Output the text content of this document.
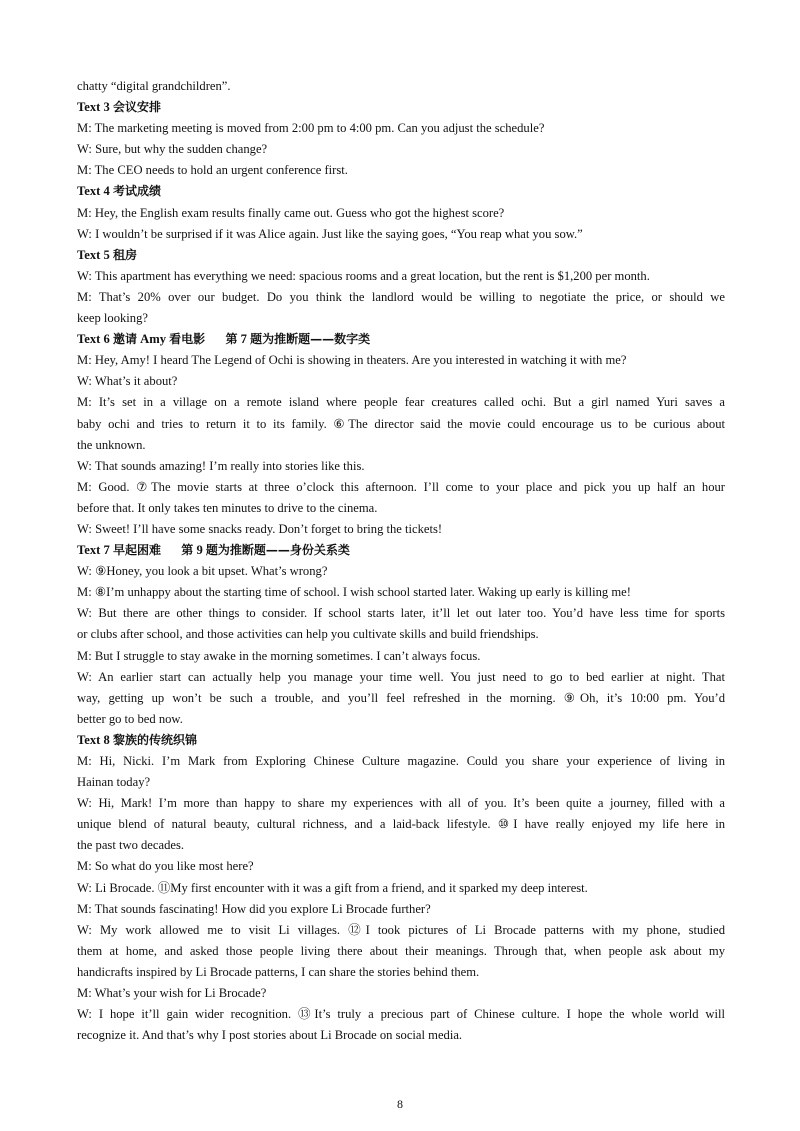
chatty “digital grandchildren”.
Text 3 会议安排
M: The marketing meeting is moved from 2:00 pm to 4:00 pm. Can you adjust the schedule?
W: Sure, but why the sudden change?
M: The CEO needs to hold an urgent conference first.
Text 4 考试成绩
M: Hey, the English exam results finally came out. Guess who got the highest score?
W: I wouldn’t be surprised if it was Alice again. Just like the saying goes, “You reap what you sow.”
Text 5 租房
W: This apartment has everything we need: spacious rooms and a great location, but the rent is $1,200 per month.
M: That’s 20% over our budget. Do you think the landlord would be willing to negotiate the price, or should we
keep looking?
Text 6 邀请 Amy 看电影 第 7 题为推断题——数字类
M: Hey, Amy! I heard The Legend of Ochi is showing in theaters. Are you interested in watching it with me?
W: What’s it about?
M: It’s set in a village on a remote island where people fear creatures called ochi. But a girl named Yuri saves a
baby ochi and tries to return it to its family. ⑥The director said the movie could encourage us to be curious about
the unknown.
W: That sounds amazing! I’m really into stories like this.
M: Good. ⑦The movie starts at three o’clock this afternoon. I’ll come to your place and pick you up half an hour
before that. It only takes ten minutes to drive to the cinema.
W: Sweet! I’ll have some snacks ready. Don’t forget to bring the tickets!
Text 7 早起困难 第 9 题为推断题——身份关系类
W: ⑨Honey, you look a bit upset. What’s wrong?
M: ⑧I’m unhappy about the starting time of school. I wish school started later. Waking up early is killing me!
W: But there are other things to consider. If school starts later, it’ll let out later too. You’d have less time for sports
or clubs after school, and those activities can help you cultivate skills and build friendships.
M: But I struggle to stay awake in the morning sometimes. I can’t always focus.
W: An earlier start can actually help you manage your time well. You just need to go to bed earlier at night. That
way, getting up won’t be such a trouble, and you’ll feel refreshed in the morning. ⑨Oh, it’s 10:00 pm. You’d
better go to bed now.
Text 8 黎族的传统织锦
M: Hi, Nicki. I’m Mark from Exploring Chinese Culture magazine. Could you share your experience of living in
Hainan today?
W: Hi, Mark! I’m more than happy to share my experiences with all of you. It’s been quite a journey, filled with a
unique blend of natural beauty, cultural richness, and a laid-back lifestyle. ⑩I have really enjoyed my life here in
the past two decades.
M: So what do you like most here?
W: Li Brocade. ⑪My first encounter with it was a gift from a friend, and it sparked my deep interest.
M: That sounds fascinating! How did you explore Li Brocade further?
W: My work allowed me to visit Li villages. ⑫I took pictures of Li Brocade patterns with my phone, studied
them at home, and asked those people living there about their meanings. Through that, when people ask about my
handicrafts inspired by Li Brocade patterns, I can share the stories behind them.
M: What’s your wish for Li Brocade?
W: I hope it’ll gain wider recognition. ⑬It’s truly a precious part of Chinese culture. I hope the whole world will
recognize it. And that’s why I post stories about Li Brocade on social media.
8
